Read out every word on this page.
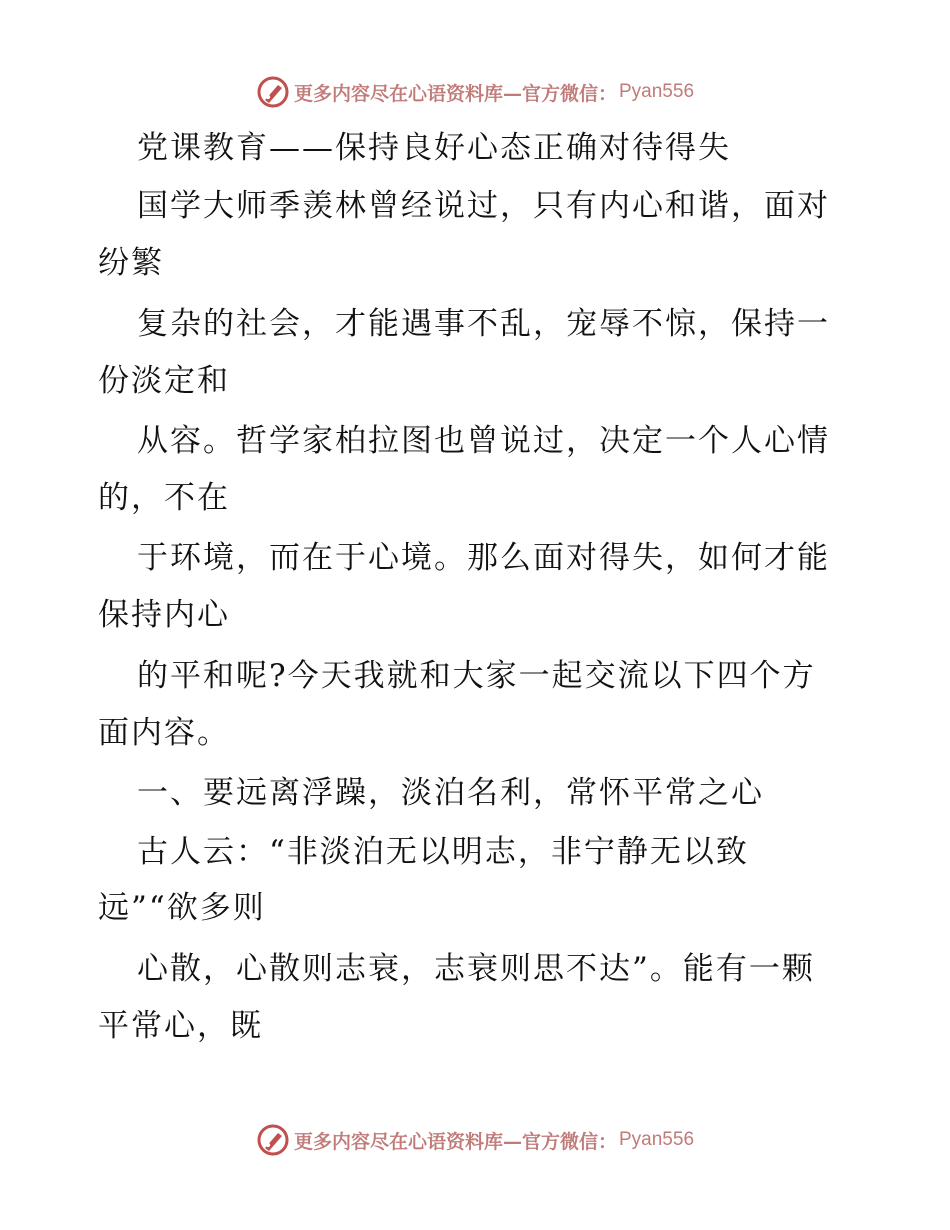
更多内容尽在心语资料库—官方微信： Pyan556
党课教育——保持良好心态正确对待得失
国学大师季羡林曾经说过，只有内心和谐，面对
纷繁
复杂的社会，才能遇事不乱，宠辱不惊，保持一
份淡定和
从容。哲学家柏拉图也曾说过，决定一个人心情
的，不在
于环境，而在于心境。那么面对得失，如何才能
保持内心
的平和呢?今天我就和大家一起交流以下四个方
面内容。
一、要远离浮躁，淡泊名利，常怀平常之心
古人云：“非淡泊无以明志，非宁静无以致
远”“欲多则
心散，心散则志衰，志衰则思不达”。能有一颗
平常心，既
更多内容尽在心语资料库—官方微信： Pyan556
